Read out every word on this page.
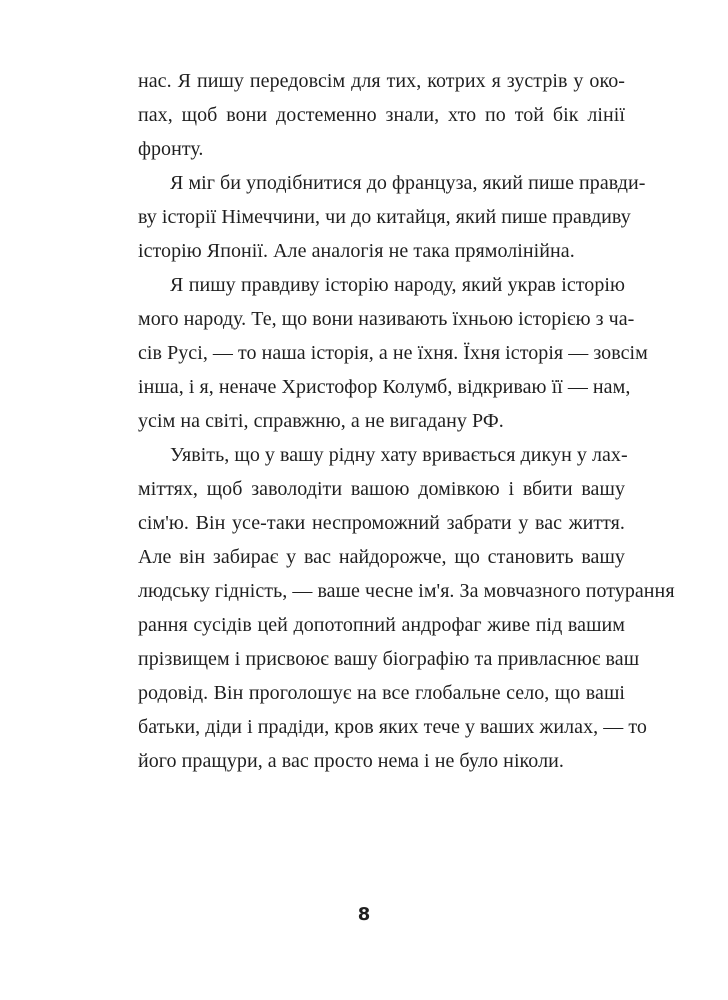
нас. Я пишу передовсім для тих, котрих я зустрів у око-
пах, щоб вони достеменно знали, хто по той бік лінії
фронту.
Я міг би уподібнитися до француза, який пише правди-
ву історії Німеччини, чи до китайця, який пише правдиву
історію Японії. Але аналогія не така прямолінійна.
Я пишу правдиву історію народу, який украв історію
мого народу. Те, що вони називають їхньою історією з ча-
сів Русі, — то наша історія, а не їхня. Їхня історія — зовсім
інша, і я, неначе Христофор Колумб, відкриваю її — нам,
усім на світі, справжню, а не вигадану РФ.
Уявіть, що у вашу рідну хату вривається дикун у лах-
міттях, щоб заволодіти вашою домівкою і вбити вашу
сім'ю. Він усе-таки неспроможний забрати у вас життя.
Але він забирає у вас найдорожче, що становить вашу
людську гідність, — ваше чесне ім'я. За мовчазного потурання
рання сусідів цей допотопний андрофаг живе під вашим
прізвищем і присвоює вашу біографію та привласнює ваш
родовід. Він проголошує на все глобальне село, що ваші
батьки, діди і прадіди, кров яких тече у ваших жилах, — то
його пращури, а вас просто нема і не було ніколи.
8
